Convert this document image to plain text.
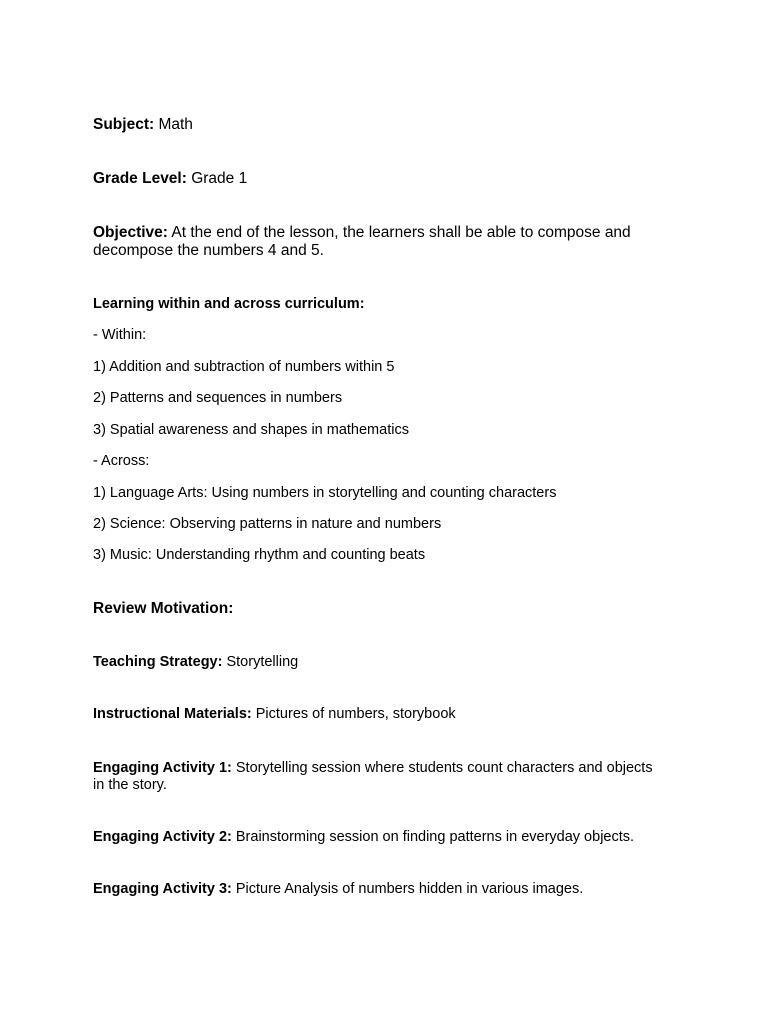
Subject: Math

Grade Level: Grade 1

Objective: At the end of the lesson, the learners shall be able to compose and decompose the numbers 4 and 5.

Learning within and across curriculum:

- Within:

1) Addition and subtraction of numbers within 5

2) Patterns and sequences in numbers

3) Spatial awareness and shapes in mathematics

- Across:

1) Language Arts: Using numbers in storytelling and counting characters

2) Science: Observing patterns in nature and numbers

3) Music: Understanding rhythm and counting beats

Review Motivation:

Teaching Strategy: Storytelling

Instructional Materials: Pictures of numbers, storybook

Engaging Activity 1: Storytelling session where students count characters and objects in the story.

Engaging Activity 2: Brainstorming session on finding patterns in everyday objects.

Engaging Activity 3: Picture Analysis of numbers hidden in various images.
